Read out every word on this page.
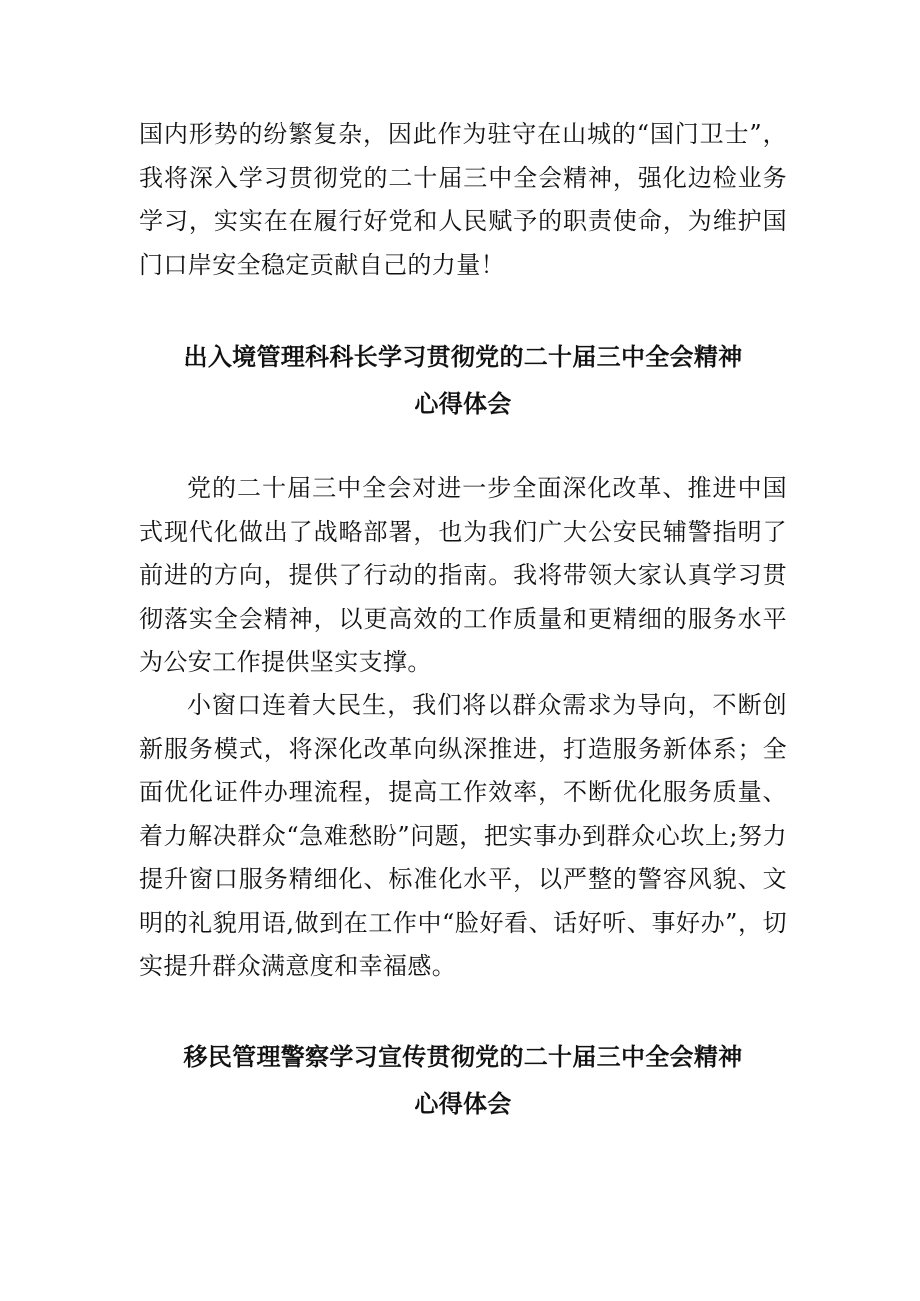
国内形势的纷繁复杂，因此作为驻守在山城的“国门卫士”，我将深入学习贯彻党的二十届三中全会精神，强化边检业务学习，实实在在履行好党和人民赋予的职责使命，为维护国门口岸安全稳定贡献自己的力量！

出入境管理科科长学习贯彻党的二十届三中全会精神
心得体会

党的二十届三中全会对进一步全面深化改革、推进中国式现代化做出了战略部署，也为我们广大公安民辅警指明了前进的方向，提供了行动的指南。我将带领大家认真学习贯彻落实全会精神，以更高效的工作质量和更精细的服务水平为公安工作提供坚实支撑。

小窗口连着大民生，我们将以群众需求为导向，不断创新服务模式，将深化改革向纵深推进，打造服务新体系；全面优化证件办理流程，提高工作效率，不断优化服务质量、着力解决群众“急难愁盼”问题，把实事办到群众心坎上;努力提升窗口服务精细化、标准化水平，以严整的警容风貌、文明的礼貌用语,做到在工作中“脸好看、话好听、事好办”，切实提升群众满意度和幸福感。

移民管理警察学习宣传贯彻党的二十届三中全会精神
心得体会
